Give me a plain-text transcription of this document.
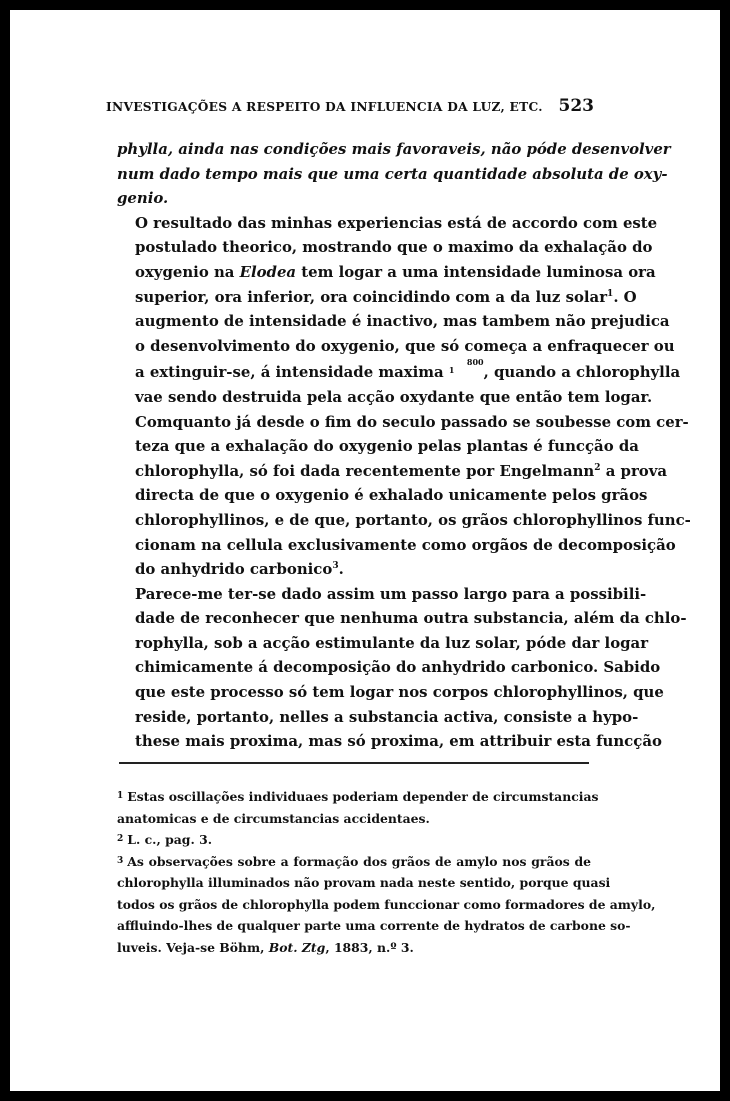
INVESTIGAÇÕES A RESPEITO DA INFLUENCIA DA LUZ, ETC. 523

phylla, ainda nas condições mais favoraveis, não póde desenvolver
num dado tempo mais que uma certa quantidade absoluta de oxy-
genio.

O resultado das minhas experiencias está de accordo com este
postulado theorico, mostrando que o maximo da exhalação do
oxygenio na Elodea tem logar a uma intensidade luminosa ora
superior, ora inferior, ora coincidindo com a da luz solar$^1$. O
augmento de intensidade é inactivo, mas tambem não prejudica
o desenvolvimento do oxygenio, que só começa a enfraquecer ou
a extinguir-se, á intensidade maxima 800
1 , quando a chlorophylla
vae sendo destruida pela acção oxydante que então tem logar.
Comquanto já desde o fim do seculo passado se soubesse com cer-
teza que a exhalação do oxygenio pelas plantas é funcção da
chlorophylla, só foi dada recentemente por Engelmann$^2$ a prova
directa de que o oxygenio é exhalado unicamente pelos grãos
chlorophyllinos, e de que, portanto, os grãos chlorophyllinos func-
cionam na cellula exclusivamente como orgãos de decomposição
do anhydrido carbonico$^3$.

Parece-me ter-se dado assim um passo largo para a possibili-
dade de reconhecer que nenhuma outra substancia, além da chlo-
rophylla, sob a acção estimulante da luz solar, póde dar logar
chimicamente á decomposição do anhydrido carbonico. Sabido
que este processo só tem logar nos corpos chlorophyllinos, que
reside, portanto, nelles a substancia activa, consiste a hypo-
these mais proxima, mas só proxima, em attribuir esta funcção

$^1$ Estas oscillações individuaes poderiam depender de circumstancias
anatomicas e de circumstancias accidentaes.
$^2$ L. c., pag. 3.
$^3$ As observações sobre a formação dos grãos de amylo nos grãos de
chlorophylla illuminados não provam nada neste sentido, porque quasi
todos os grãos de chlorophylla podem funccionar como formadores de amylo,
affluindo-lhes de qualquer parte uma corrente de hydratos de carbone so-
luveis. Veja-se Böhm, Bot. Ztg, 1883, n.º 3.
